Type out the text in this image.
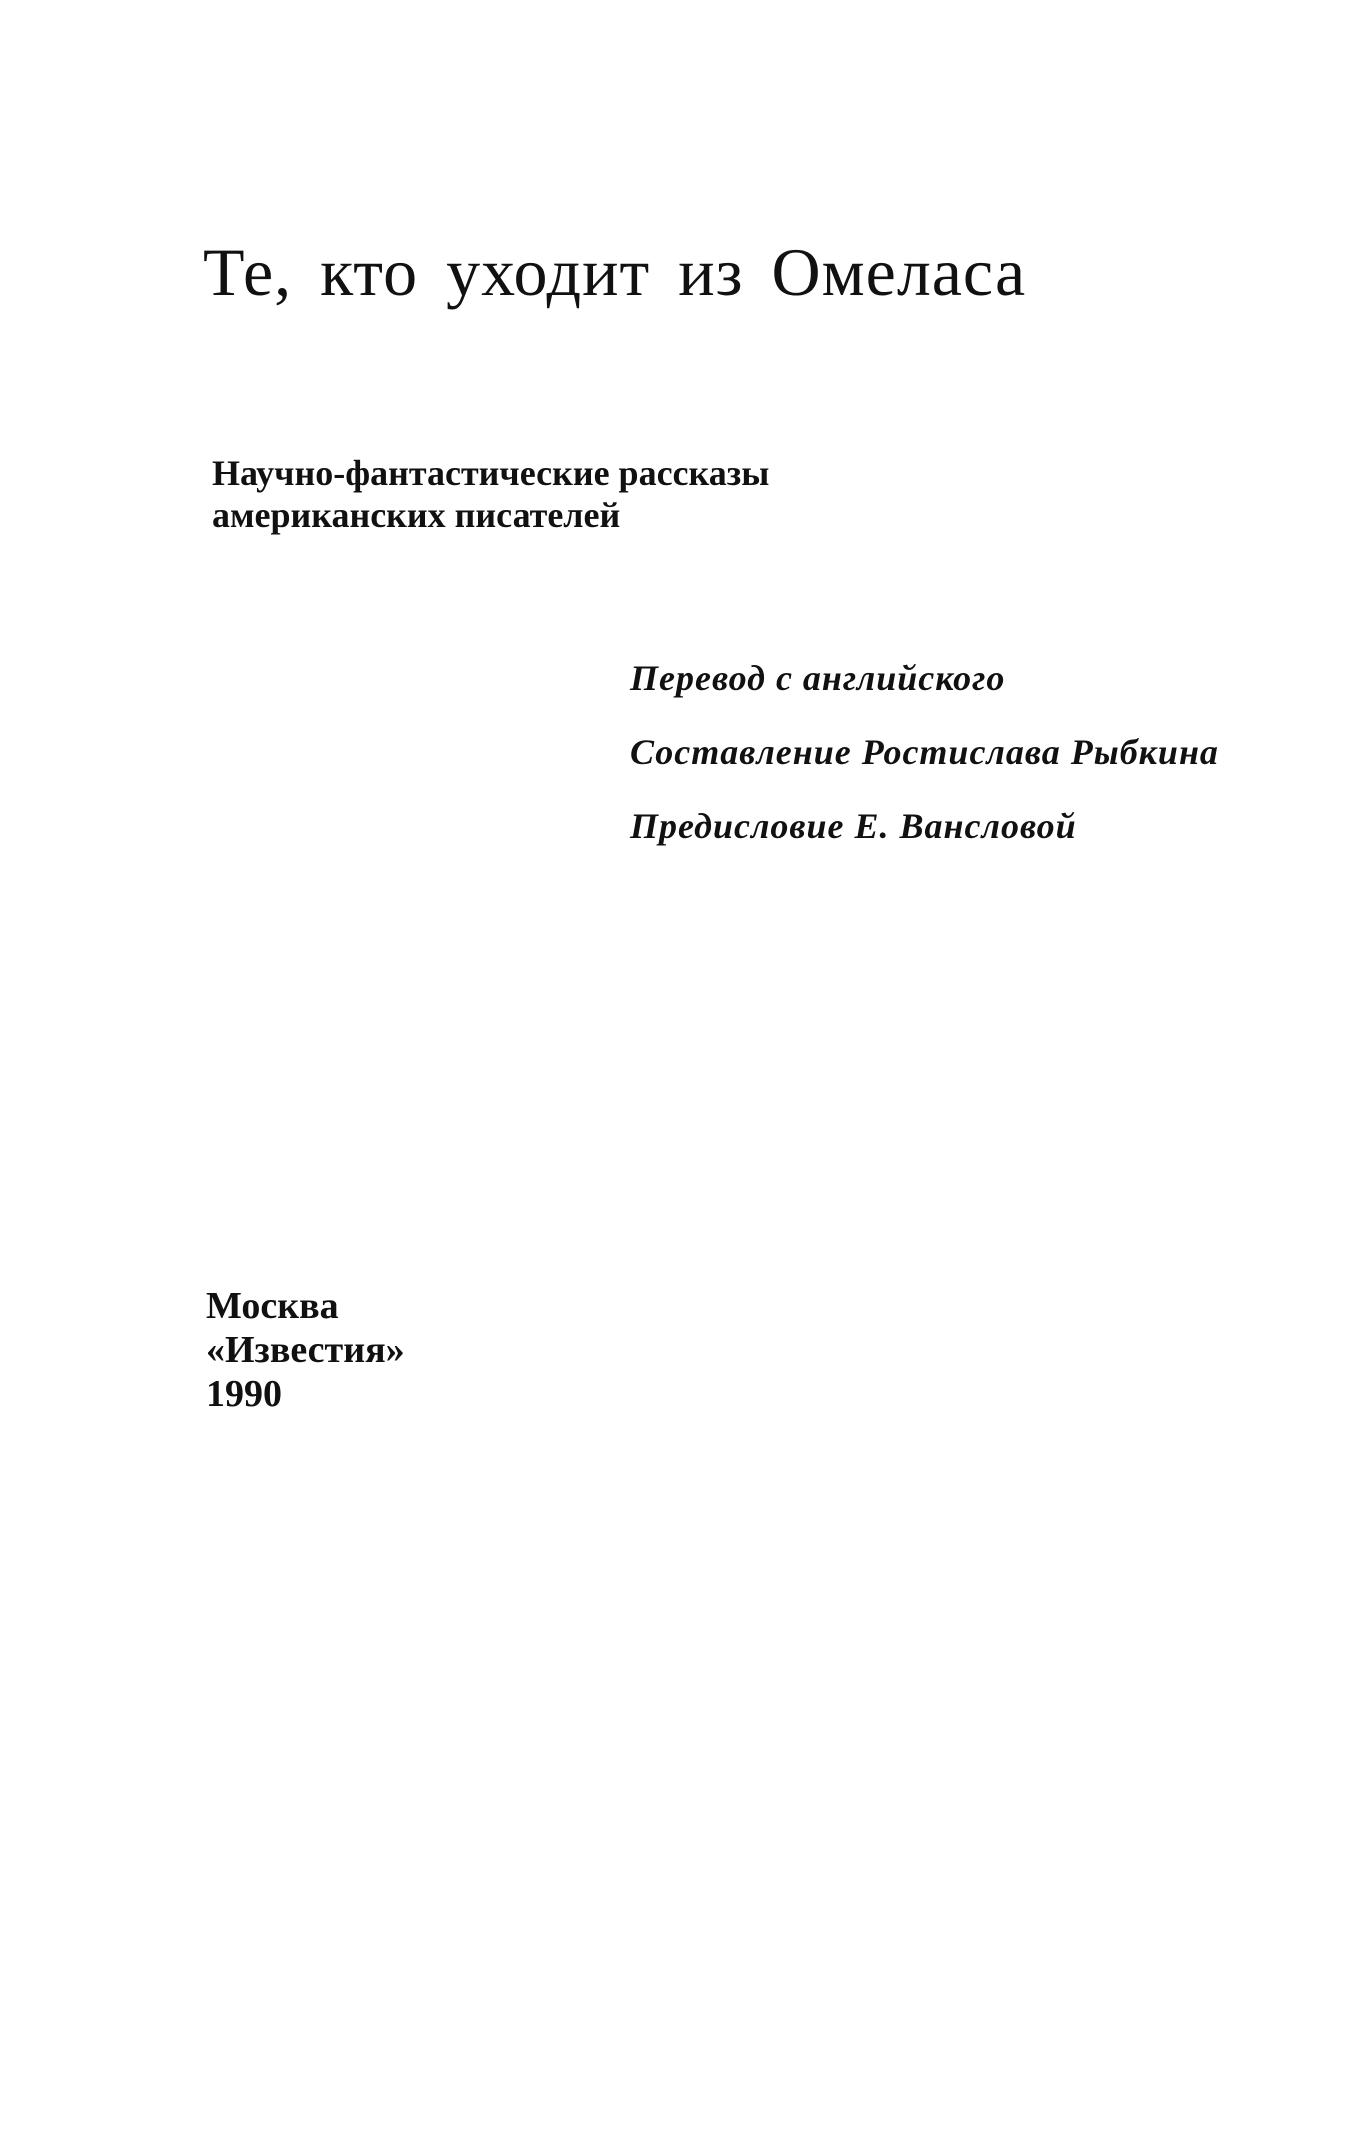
Те, кто уходит из Омеласа
Научно-фантастические рассказы
американских писателей
Перевод с английского
Составление Ростислава Рыбкина
Предисловие Е. Вансловой
Москва
«Известия»
1990
